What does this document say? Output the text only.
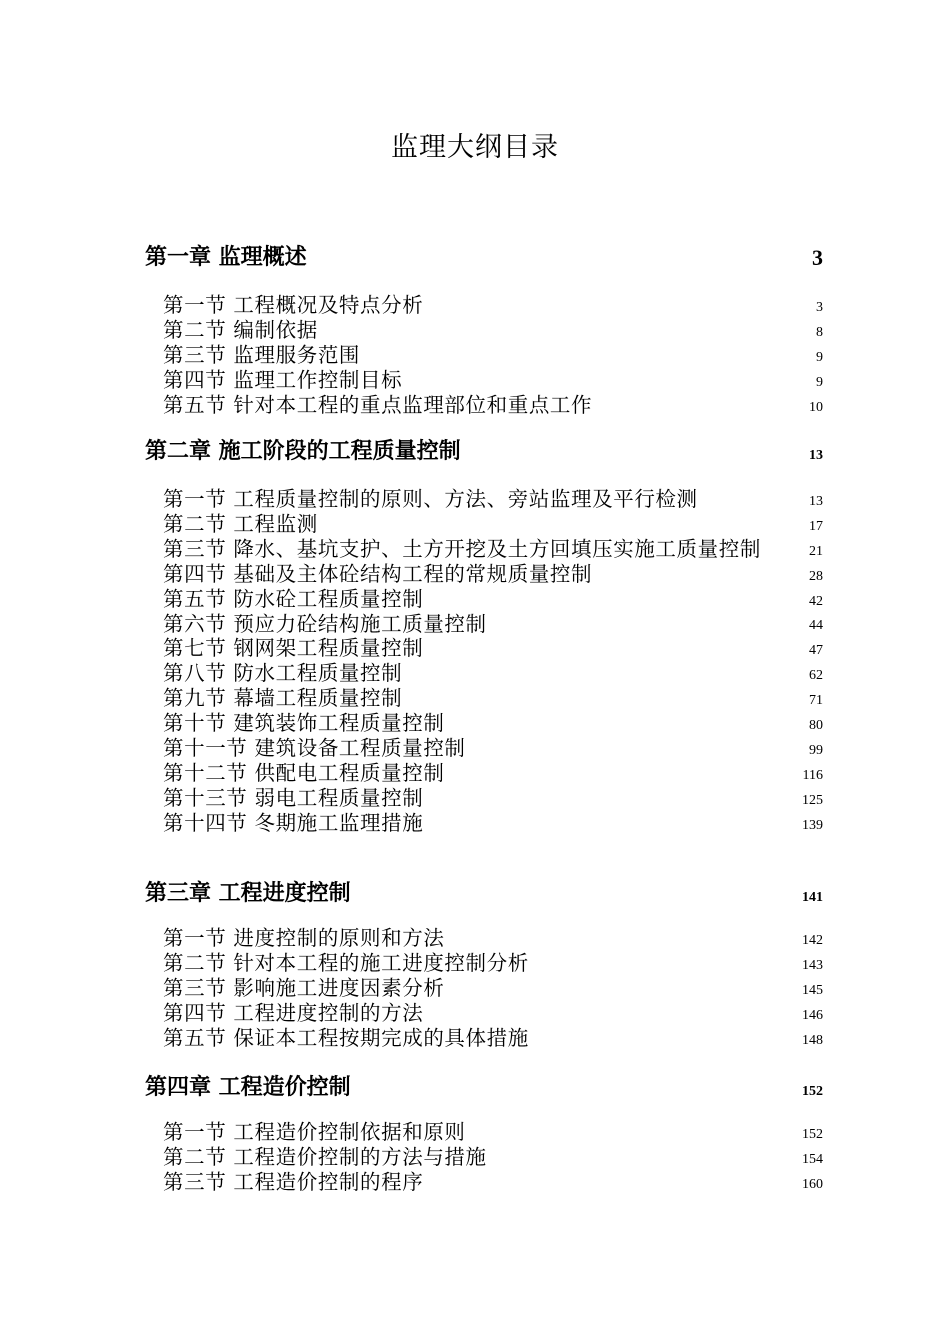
监理大纲目录
第一章 监理概述	3
第一节 工程概况及特点分析	3
第二节 编制依据	8
第三节 监理服务范围	9
第四节 监理工作控制目标	9
第五节 针对本工程的重点监理部位和重点工作	10
第二章 施工阶段的工程质量控制	13
第一节 工程质量控制的原则、方法、旁站监理及平行检测	13
第二节 工程监测	17
第三节 降水、基坑支护、土方开挖及土方回填压实施工质量控制	21
第四节 基础及主体砼结构工程的常规质量控制	28
第五节 防水砼工程质量控制	42
第六节 预应力砼结构施工质量控制	44
第七节 钢网架工程质量控制	47
第八节 防水工程质量控制	62
第九节 幕墙工程质量控制	71
第十节 建筑装饰工程质量控制	80
第十一节 建筑设备工程质量控制	99
第十二节 供配电工程质量控制	116
第十三节 弱电工程质量控制	125
第十四节 冬期施工监理措施	139
第三章 工程进度控制	141
第一节 进度控制的原则和方法	142
第二节 针对本工程的施工进度控制分析	143
第三节 影响施工进度因素分析	145
第四节 工程进度控制的方法	146
第五节 保证本工程按期完成的具体措施	148
第四章 工程造价控制	152
第一节 工程造价控制依据和原则	152
第二节 工程造价控制的方法与措施	154
第三节 工程造价控制的程序	160
